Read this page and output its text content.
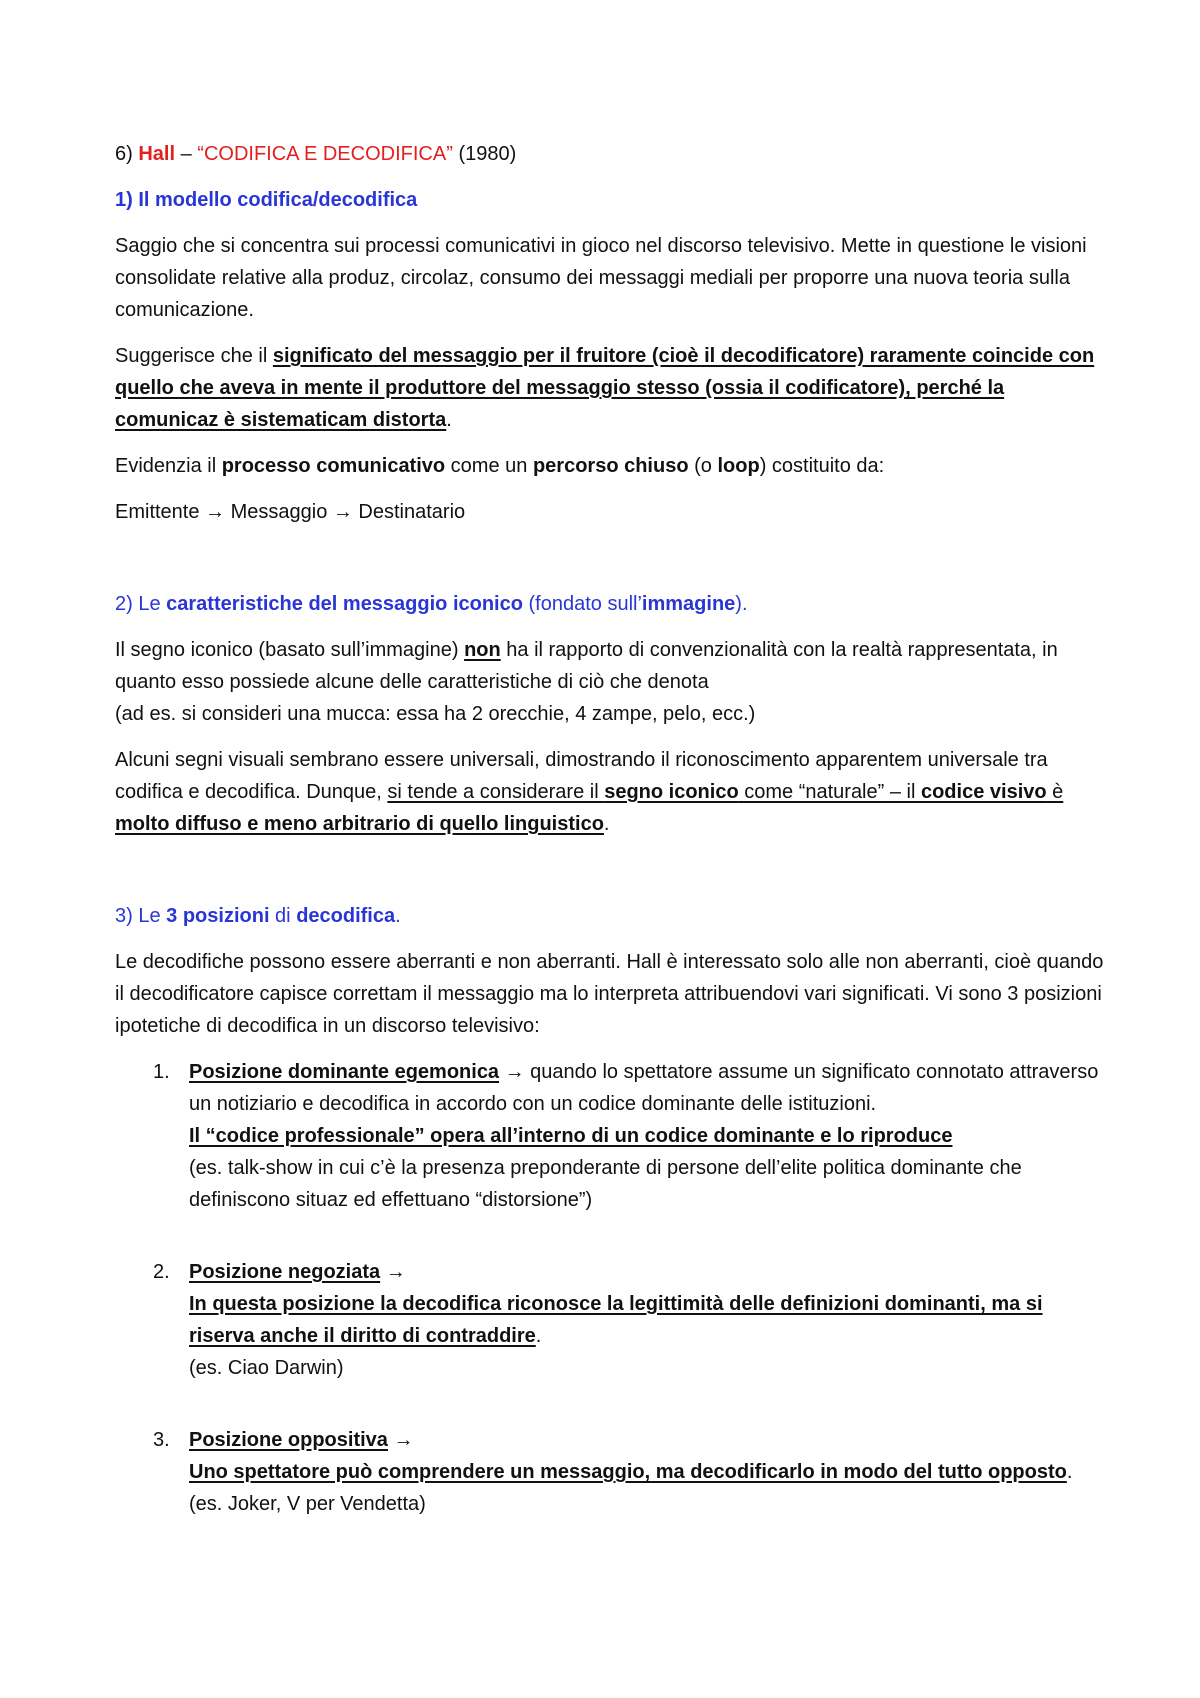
6) Hall – “CODIFICA E DECODIFICA” (1980)

1) Il modello codifica/decodifica

Saggio che si concentra sui processi comunicativi in gioco nel discorso televisivo. Mette in questione le visioni consolidate relative alla produz, circolaz, consumo dei messaggi mediali per proporre una nuova teoria sulla comunicazione.

Suggerisce che il significato del messaggio per il fruitore (cioè il decodificatore) raramente coincide con quello che aveva in mente il produttore del messaggio stesso (ossia il codificatore), perché la comunicaz è sistematicam distorta.

Evidenzia il processo comunicativo come un percorso chiuso (o loop) costituito da:

Emittente → Messaggio → Destinatario

2) Le caratteristiche del messaggio iconico (fondato sull’immagine).

Il segno iconico (basato sull’immagine) non ha il rapporto di convenzionalità con la realtà rappresentata, in quanto esso possiede alcune delle caratteristiche di ciò che denota
(ad es. si consideri una mucca: essa ha 2 orecchie, 4 zampe, pelo, ecc.)

Alcuni segni visuali sembrano essere universali, dimostrando il riconoscimento apparentem universale tra codifica e decodifica. Dunque, si tende a considerare il segno iconico come “naturale” – il codice visivo è molto diffuso e meno arbitrario di quello linguistico.

3) Le 3 posizioni di decodifica.

Le decodifiche possono essere aberranti e non aberranti. Hall è interessato solo alle non aberranti, cioè quando il decodificatore capisce correttam il messaggio ma lo interpreta attribuendovi vari significati. Vi sono 3 posizioni ipotetiche di decodifica in un discorso televisivo:

1. Posizione dominante egemonica → quando lo spettatore assume un significato connotato attraverso un notiziario e decodifica in accordo con un codice dominante delle istituzioni.
Il “codice professionale” opera all’interno di un codice dominante e lo riproduce
(es. talk-show in cui c’è la presenza preponderante di persone dell’elite politica dominante che definiscono situaz ed effettuano “distorsione”)
2. Posizione negoziata →
In questa posizione la decodifica riconosce la legittimità delle definizioni dominanti, ma si riserva anche il diritto di contraddire.
(es. Ciao Darwin)
3. Posizione oppositiva →
Uno spettatore può comprendere un messaggio, ma decodificarlo in modo del tutto opposto.
(es. Joker, V per Vendetta)
